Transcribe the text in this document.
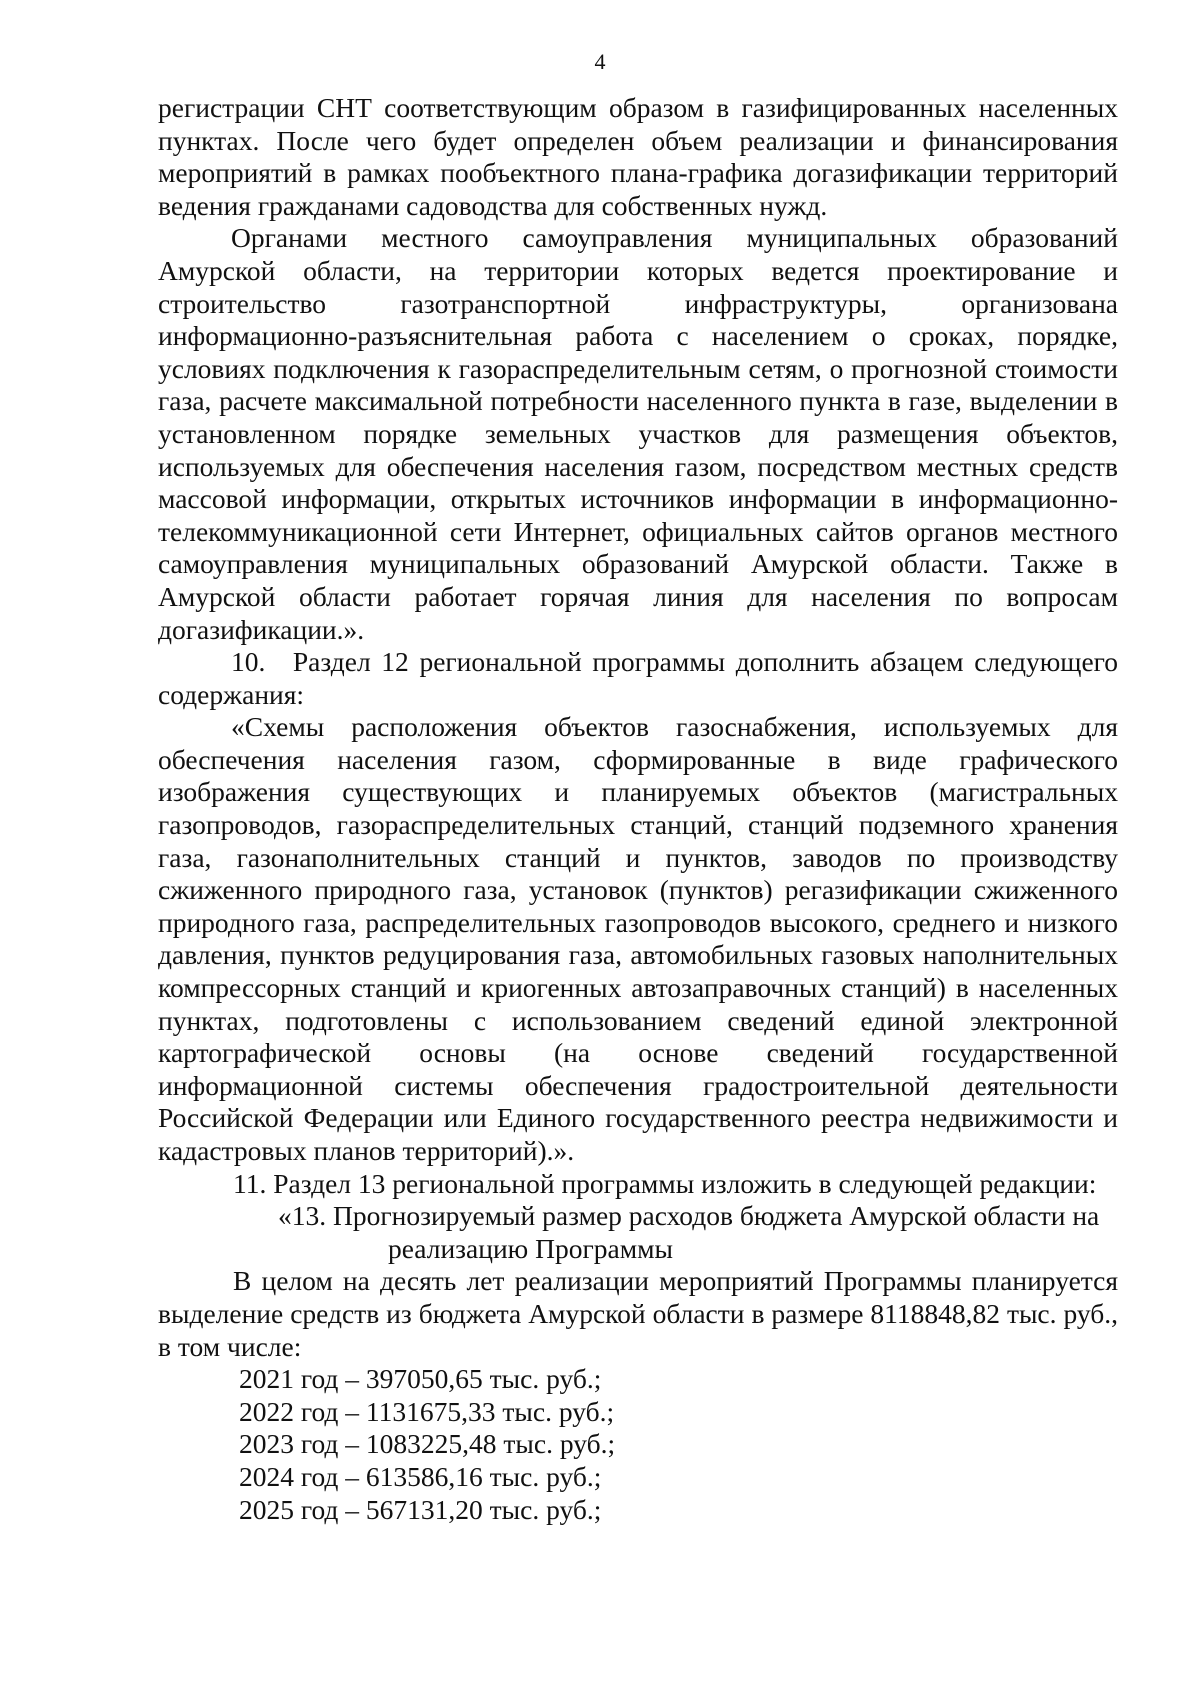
4

регистрации СНТ соответствующим образом в газифицированных населенных пунктах. После чего будет определен объем реализации и финансирования мероприятий в рамках пообъектного плана-графика догазификации территорий ведения гражданами садоводства для собственных нужд.

Органами местного самоуправления муниципальных образований Амурской области, на территории которых ведется проектирование и строительство газотранспортной инфраструктуры, организована информационно-разъяснительная работа с населением о сроках, порядке, условиях подключения к газораспределительным сетям, о прогнозной стоимости газа, расчете максимальной потребности населенного пункта в газе, выделении в установленном порядке земельных участков для размещения объектов, используемых для обеспечения населения газом, посредством местных средств массовой информации, открытых источников информации в информационно-телекоммуникационной сети Интернет, официальных сайтов органов местного самоуправления муниципальных образований Амурской области. Также в Амурской области работает горячая линия для населения по вопросам догазификации.».

10. Раздел 12 региональной программы дополнить абзацем следующего содержания:

«Схемы расположения объектов газоснабжения, используемых для обеспечения населения газом, сформированные в виде графического изображения существующих и планируемых объектов (магистральных газопроводов, газораспределительных станций, станций подземного хранения газа, газонаполнительных станций и пунктов, заводов по производству сжиженного природного газа, установок (пунктов) регазификации сжиженного природного газа, распределительных газопроводов высокого, среднего и низкого давления, пунктов редуцирования газа, автомобильных газовых наполнительных компрессорных станций и криогенных автозаправочных станций) в населенных пунктах, подготовлены с использованием сведений единой электронной картографической основы (на основе сведений государственной информационной системы обеспечения градостроительной деятельности Российской Федерации или Единого государственного реестра недвижимости и кадастровых планов территорий).».

11. Раздел 13 региональной программы изложить в следующей редакции:

«13. Прогнозируемый размер расходов бюджета Амурской области на

реализацию Программы

В целом на десять лет реализации мероприятий Программы планируется выделение средств из бюджета Амурской области в размере 8118848,82 тыс. руб., в том числе:

2021 год – 397050,65 тыс. руб.;
2022 год – 1131675,33 тыс. руб.;
2023 год – 1083225,48 тыс. руб.;
2024 год – 613586,16 тыс. руб.;
2025 год – 567131,20 тыс. руб.;
